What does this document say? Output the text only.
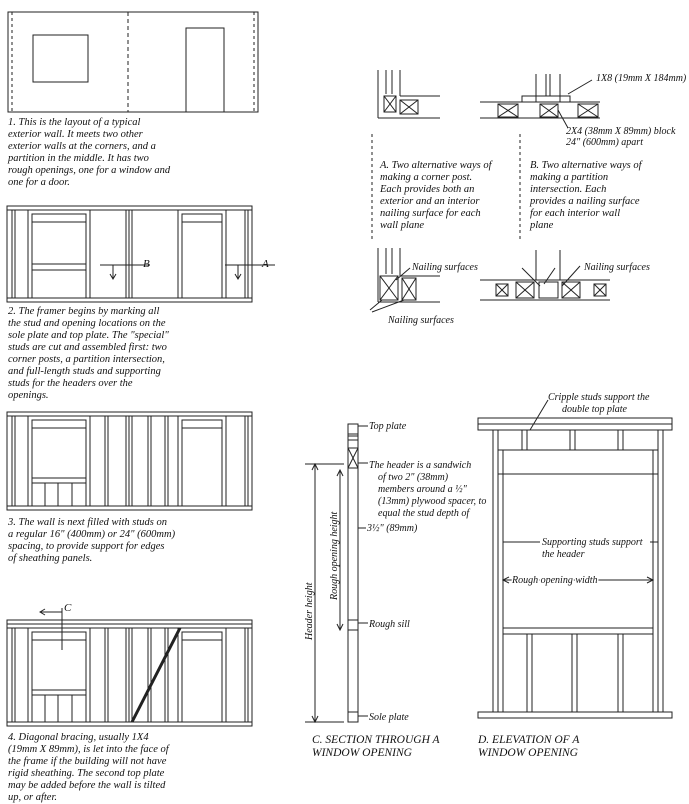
1X8 (19mm X 184mm)
2X4 (38mm X 89mm) block
24" (600mm) apart
Nailing surfaces	Nailing surfaces
Nailing surfaces
B	A
C
Top plate
The header is a sandwich
of two 2" (38mm)
members around a ½"
(13mm) plywood spacer, to
equal the stud depth of
3½" (89mm)
Rough sill
Sole plate
Header height
Rough opening height
Cripple studs support the
double top plate
Supporting studs support
the header
Rough opening width

1. This is the layout of a typical
exterior wall. It meets two other
exterior walls at the corners, and a
partition in the middle. It has two
rough openings, one for a window and
one for a door.

2. The framer begins by marking all
the stud and opening locations on the
sole plate and top plate. The "special"
studs are cut and assembled first: two
corner posts, a partition intersection,
and full-length studs and supporting
studs for the headers over the
openings.

3. The wall is next filled with studs on
a regular 16" (400mm) or 24" (600mm)
spacing, to provide support for edges
of sheathing panels.

4. Diagonal bracing, usually 1X4
(19mm X 89mm), is let into the face of
the frame if the building will not have
rigid sheathing. The second top plate
may be added before the wall is tilted
up, or after.

A. Two alternative ways of
making a corner post.
Each provides both an
exterior and an interior
nailing surface for each
wall plane

B. Two alternative ways of
making a partition
intersection. Each
provides a nailing surface
for each interior wall
plane

C. SECTION THROUGH A
WINDOW OPENING

D. ELEVATION OF A
WINDOW OPENING
